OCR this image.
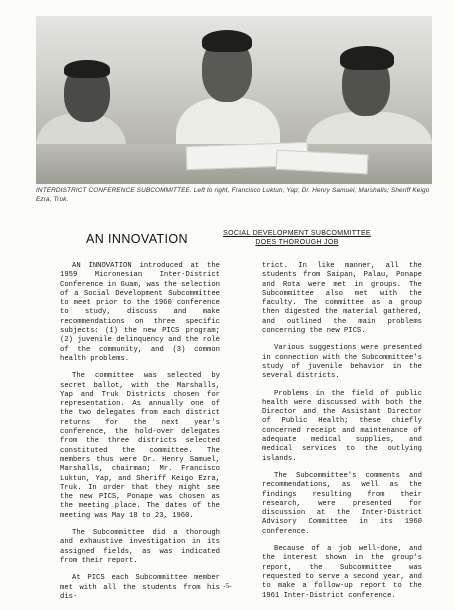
INTERDISTRICT CONFERENCE SUBCOMMITTEE. Left to right, Francisco Luktun, Yap; Dr. Henry Samuel, Marshalls; Sheriff Keigo Ezra, Truk.
AN INNOVATION	SOCIAL DEVELOPMENT SUBCOMMITTEE
DOES THOROUGH JOB

AN INNOVATION introduced at the 1959 Micronesian Inter-District Conference in Guam, was the selection of a Social Development Subcommittee to meet prior to the 1960 conference to study, discuss and make recommendations on three specific subjects: (1) the new PICS program; (2) juvenile delinquency and the role of the community, and (3) common health problems.

The committee was selected by secret ballot, with the Marshalls, Yap and Truk Districts chosen for representation. As annually one of the two delegates from each district returns for the next year's conference, the hold-over delegates from the three districts selected constituted the committee. The members thus were Dr. Henry Samuel, Marshalls, chairman; Mr. Francisco Luktun, Yap, and Sheriff Keigo Ezra, Truk. In order that they might see the new PICS, Ponape was chosen as the meeting place. The dates of the meeting was May 18 to 23, 1960.

The Subcommittee did a thorough and exhaustive investigation in its assigned fields, as was indicated from their report.

At PICS each Subcommittee member met with all the students from his dis-

trict. In like manner, all the students from Saipan, Palau, Ponape and Rota were met in groups. The Subcommittee also met with the faculty. The committee as a group then digested the material gathered, and outlined the main problems concerning the new PICS.

Various suggestions were presented in connection with the Subcommittee's study of juvenile behavior in the several districts.

Problems in the field of public health were discussed with both the Director and the Assistant Director of Public Health; these chiefly concerned receipt and maintenance of adequate medical supplies, and medical services to the outlying islands.

The Subcommittee's comments and recommendations, as well as the findings resulting from their research, were presented for discussion at the Inter-District Advisory Committee in its 1960 conference.

Because of a job well-done, and the interest shown in the group's report, the Subcommittee was requested to serve a second year, and to make a follow-up report to the 1961 Inter-District conference.

-5-
